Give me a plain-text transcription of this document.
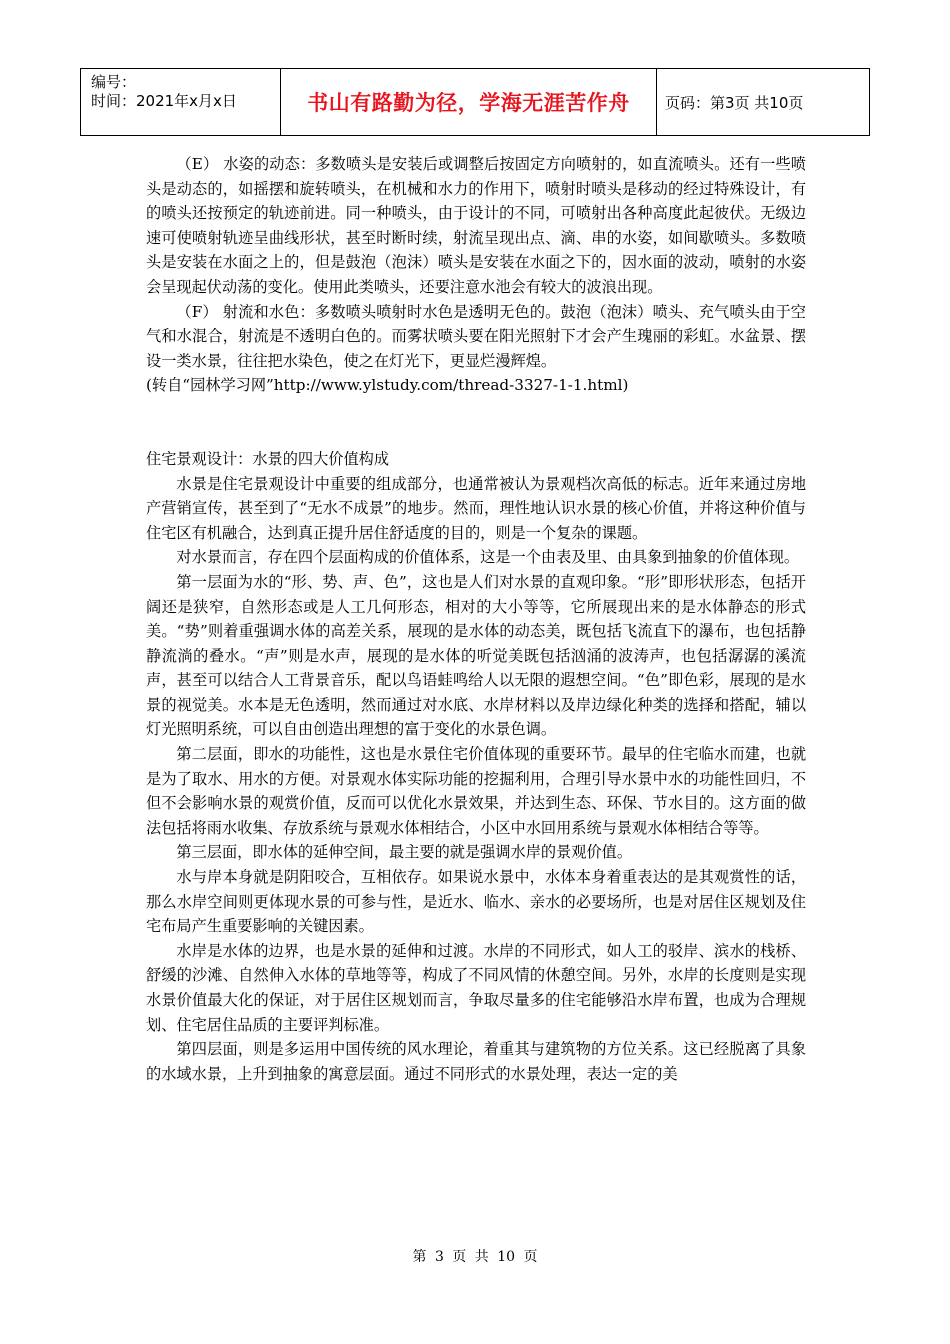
编号：
时间：2021年x月x日	书山有路勤为径，学海无涯苦作舟	页码：第3页 共10页

（E） 水姿的动态：多数喷头是安装后或调整后按固定方向喷射的，如直流喷头。还有一些喷头是动态的，如摇摆和旋转喷头，在机械和水力的作用下，喷射时喷头是移动的经过特殊设计，有的喷头还按预定的轨迹前进。同一种喷头，由于设计的不同，可喷射出各种高度此起彼伏。无级边速可使喷射轨迹呈曲线形状，甚至时断时续，射流呈现出点、滴、串的水姿，如间歇喷头。多数喷头是安装在水面之上的，但是鼓泡（泡沫）喷头是安装在水面之下的，因水面的波动，喷射的水姿会呈现起伏动荡的变化。使用此类喷头，还要注意水池会有较大的波浪出现。

（F） 射流和水色：多数喷头喷射时水色是透明无色的。鼓泡（泡沫）喷头、充气喷头由于空气和水混合，射流是不透明白色的。而雾状喷头要在阳光照射下才会产生瑰丽的彩虹。水盆景、摆设一类水景，往往把水染色，使之在灯光下，更显烂漫辉煌。

(转自“园林学习网”http://www.ylstudy.com/thread-3327-1-1.html)

住宅景观设计：水景的四大价值构成

水景是住宅景观设计中重要的组成部分，也通常被认为景观档次高低的标志。近年来通过房地产营销宣传，甚至到了“无水不成景”的地步。然而，理性地认识水景的核心价值，并将这种价值与住宅区有机融合，达到真正提升居住舒适度的目的，则是一个复杂的课题。

对水景而言，存在四个层面构成的价值体系，这是一个由表及里、由具象到抽象的价值体现。

第一层面为水的“形、势、声、色”，这也是人们对水景的直观印象。“形”即形状形态，包括开阔还是狭窄，自然形态或是人工几何形态，相对的大小等等，它所展现出来的是水体静态的形式美。“势”则着重强调水体的高差关系，展现的是水体的动态美，既包括飞流直下的瀑布，也包括静静流淌的叠水。“声”则是水声，展现的是水体的听觉美既包括汹涌的波涛声，也包括潺潺的溪流声，甚至可以结合人工背景音乐，配以鸟语蛙鸣给人以无限的遐想空间。“色”即色彩，展现的是水景的视觉美。水本是无色透明，然而通过对水底、水岸材料以及岸边绿化种类的选择和搭配，辅以灯光照明系统，可以自由创造出理想的富于变化的水景色调。

第二层面，即水的功能性，这也是水景住宅价值体现的重要环节。最早的住宅临水而建，也就是为了取水、用水的方便。对景观水体实际功能的挖掘利用，合理引导水景中水的功能性回归，不但不会影响水景的观赏价值，反而可以优化水景效果，并达到生态、环保、节水目的。这方面的做法包括将雨水收集、存放系统与景观水体相结合，小区中水回用系统与景观水体相结合等等。

第三层面，即水体的延伸空间，最主要的就是强调水岸的景观价值。

水与岸本身就是阴阳咬合，互相依存。如果说水景中，水体本身着重表达的是其观赏性的话，那么水岸空间则更体现水景的可参与性，是近水、临水、亲水的必要场所，也是对居住区规划及住宅布局产生重要影响的关键因素。

水岸是水体的边界，也是水景的延伸和过渡。水岸的不同形式，如人工的驳岸、滨水的栈桥、舒缓的沙滩、自然伸入水体的草地等等，构成了不同风情的休憩空间。另外，水岸的长度则是实现水景价值最大化的保证，对于居住区规划而言，争取尽量多的住宅能够沿水岸布置，也成为合理规划、住宅居住品质的主要评判标准。

第四层面，则是多运用中国传统的风水理论，着重其与建筑物的方位关系。这已经脱离了具象的水域水景，上升到抽象的寓意层面。通过不同形式的水景处理，表达一定的美

第 3 页 共 10 页
